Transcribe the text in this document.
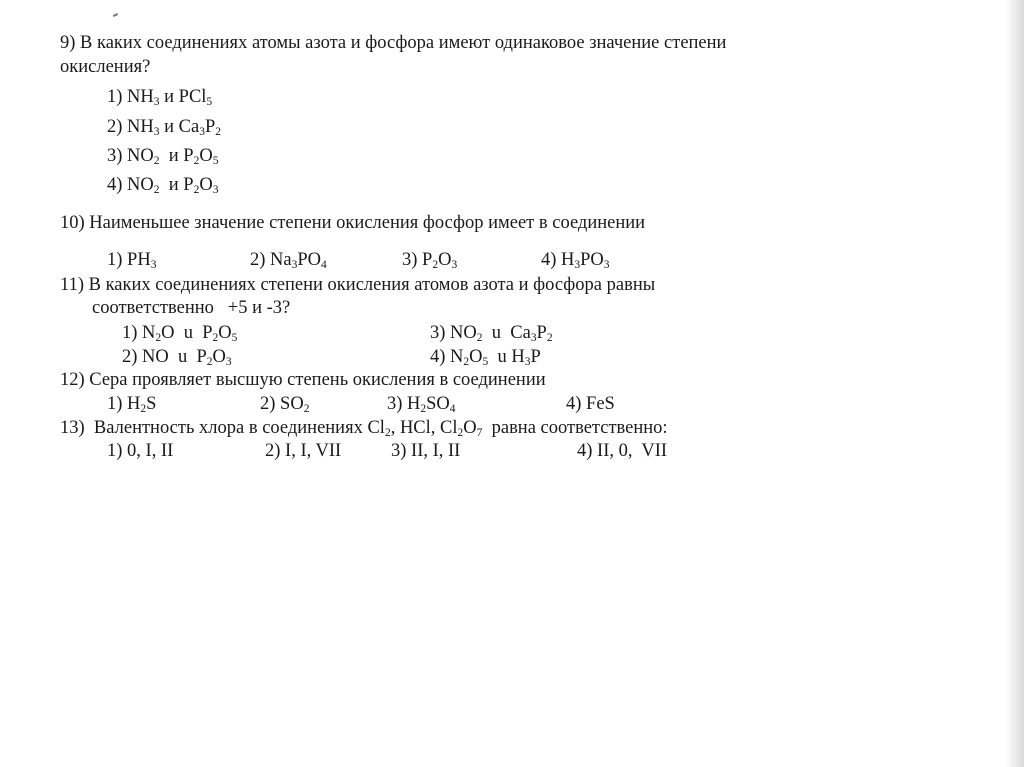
9) В каких соединениях атомы азота и фосфора имеют одинаковое значение степени
окисления?
1) $NH_3$ и PCl$_5$
2) $NH_3$ и $Ca_3P_2$
3) $NO_2$  и $P_2O_5$
4) $NO_2$  и $P_2O_3$
10) Наименьшее значение степени окисления фосфор имеет в соединении
1) $PH_3$	2) $Na_3PO_4$	3) $P_2O_3$	4) $H_3PO_3$
11) В каких соединениях степени окисления атомов азота и фосфора равны
соответственно   +5 и -3?
1) $N_2O$  u  $P_2O_5$	3) $NO_2$  u  $Ca_3P_2$
2) NO  u  $P_2O_3$	4) $N_2O_5$  u $H_3P$
12) Сера проявляет высшую степень окисления в соединении
1) $H_2S$	2) $SO_2$	3) $H_2SO_4$	4) FeS
13)  Валентность хлора в соединениях $Cl_2$, HCl, $Cl_2O_7$  равна соответственно:
1) 0, I, II	2) I, I, VII	3) II, I, II	4) II, 0,  VII
